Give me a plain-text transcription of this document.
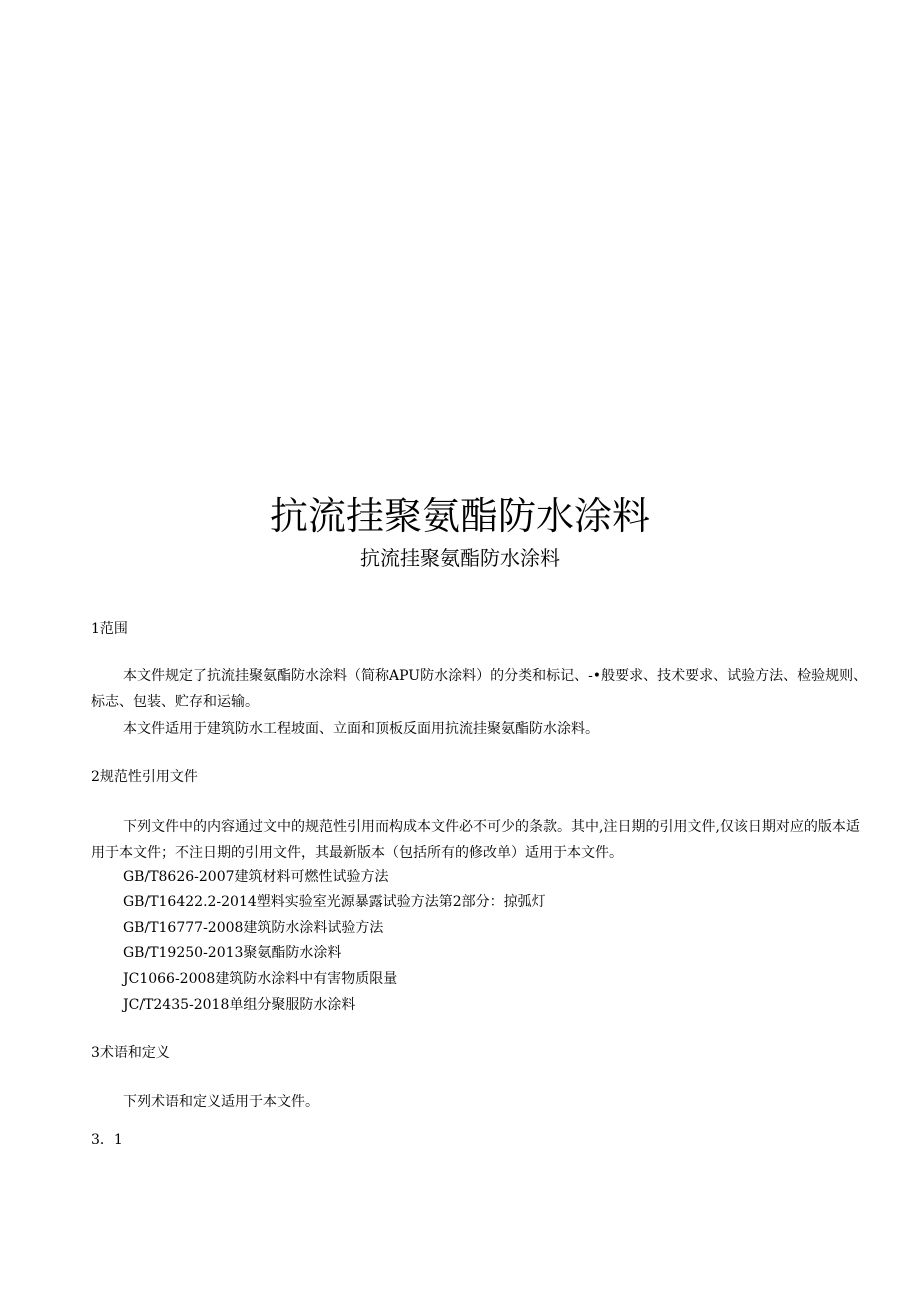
抗流挂聚氨酯防水涂料
抗流挂聚氨酯防水涂料
1范围
本文件规定了抗流挂聚氨酯防水涂料（简称APU防水涂料）的分类和标记、-•般要求、技术要求、试验方法、检验规则、标志、包装、贮存和运输。
本文件适用于建筑防水工程坡面、立面和顶板反面用抗流挂聚氨酯防水涂料。
2规范性引用文件
下列文件中的内容通过文中的规范性引用而构成本文件必不可少的条款。其中,注日期的引用文件,仅该日期对应的版本适用于本文件；不注日期的引用文件，其最新版本（包括所有的修改单）适用于本文件。
GB/T8626-2007建筑材料可燃性试验方法
GB/T16422.2-2014塑料实验室光源暴露试验方法第2部分：掠弧灯
GB/T16777-2008建筑防水涂料试验方法
GB/T19250-2013聚氨酯防水涂料
JC1066-2008建筑防水涂料中有害物质限量
JC/T2435-2018单组分聚服防水涂料
3术语和定义
下列术语和定义适用于本文件。
3．1
